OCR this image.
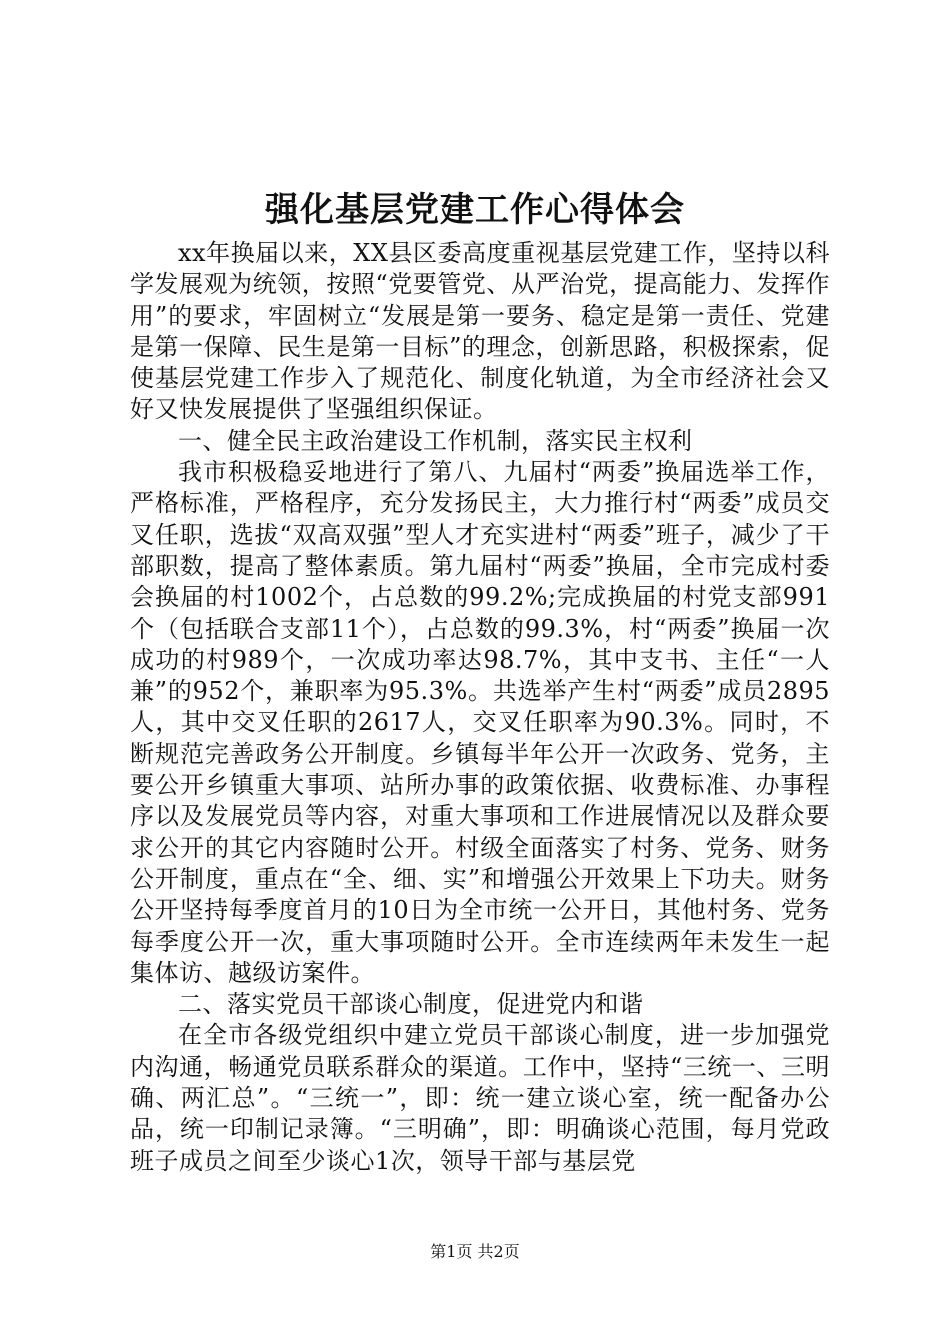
强化基层党建工作心得体会

xx年换届以来，XX县区委高度重视基层党建工作，坚持以科学发展观为统领，按照“党要管党、从严治党，提高能力、发挥作用”的要求，牢固树立“发展是第一要务、稳定是第一责任、党建是第一保障、民生是第一目标”的理念，创新思路，积极探索，促使基层党建工作步入了规范化、制度化轨道，为全市经济社会又好又快发展提供了坚强组织保证。

一、健全民主政治建设工作机制，落实民主权利

我市积极稳妥地进行了第八、九届村“两委”换届选举工作，严格标准，严格程序，充分发扬民主，大力推行村“两委”成员交叉任职，选拔“双高双强”型人才充实进村“两委”班子，减少了干部职数，提高了整体素质。第九届村“两委”换届，全市完成村委会换届的村1002个，占总数的99.2%;完成换届的村党支部991个（包括联合支部11个），占总数的99.3%，村“两委”换届一次成功的村989个，一次成功率达98.7%，其中支书、主任“一人兼”的952个，兼职率为95.3%。共选举产生村“两委”成员2895人，其中交叉任职的2617人，交叉任职率为90.3%。同时，不断规范完善政务公开制度。乡镇每半年公开一次政务、党务，主要公开乡镇重大事项、站所办事的政策依据、收费标准、办事程序以及发展党员等内容，对重大事项和工作进展情况以及群众要求公开的其它内容随时公开。村级全面落实了村务、党务、财务公开制度，重点在“全、细、实”和增强公开效果上下功夫。财务公开坚持每季度首月的10日为全市统一公开日，其他村务、党务每季度公开一次，重大事项随时公开。全市连续两年未发生一起集体访、越级访案件。

二、落实党员干部谈心制度，促进党内和谐

在全市各级党组织中建立党员干部谈心制度，进一步加强党内沟通，畅通党员联系群众的渠道。工作中，坚持“三统一、三明确、两汇总”。“三统一”，即：统一建立谈心室，统一配备办公品，统一印制记录簿。“三明确”，即：明确谈心范围，每月党政班子成员之间至少谈心1次，领导干部与基层党

第1页 共2页
